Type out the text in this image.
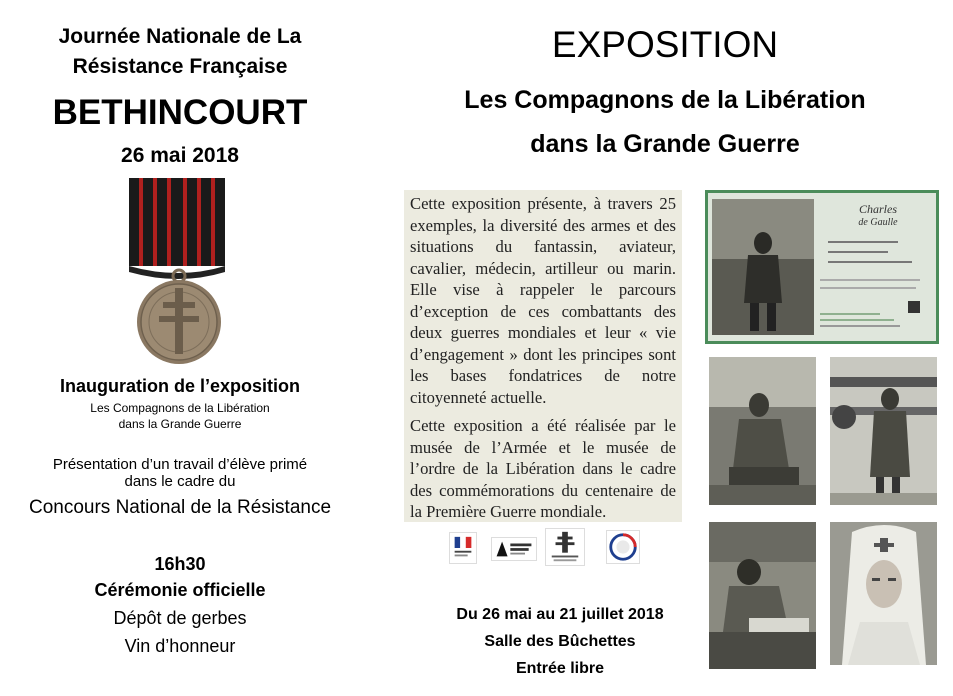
Journée Nationale de La
Résistance Française
BETHINCOURT
26 mai 2018
Inauguration de l’exposition
Les Compagnons de la Libération
dans la Grande Guerre
Présentation d’un travail d’élève primé
dans le cadre du
Concours National de la Résistance
16h30
Cérémonie officielle
Dépôt de gerbes
Vin d’honneur
EXPOSITION
Les Compagnons de la Libération
dans la Grande Guerre

Cette exposition présente, à travers 25 exemples, la diversité des armes et des situations du fantassin, aviateur, cavalier, médecin, artilleur ou marin. Elle vise à rappeler le parcours d’exception de ces combattants des deux guerres mondiales et leur « vie d’engagement » dont les principes sont les bases fondatrices de notre citoyenneté actuelle.

Cette exposition a été réalisée par le musée de l’Armée et le musée de l’ordre de la Libération dans le cadre des commémorations du centenaire de la Première Guerre mondiale.

Du 26 mai au 21 juillet 2018
Salle des Bûchettes
Entrée libre
Charles
de Gaulle
